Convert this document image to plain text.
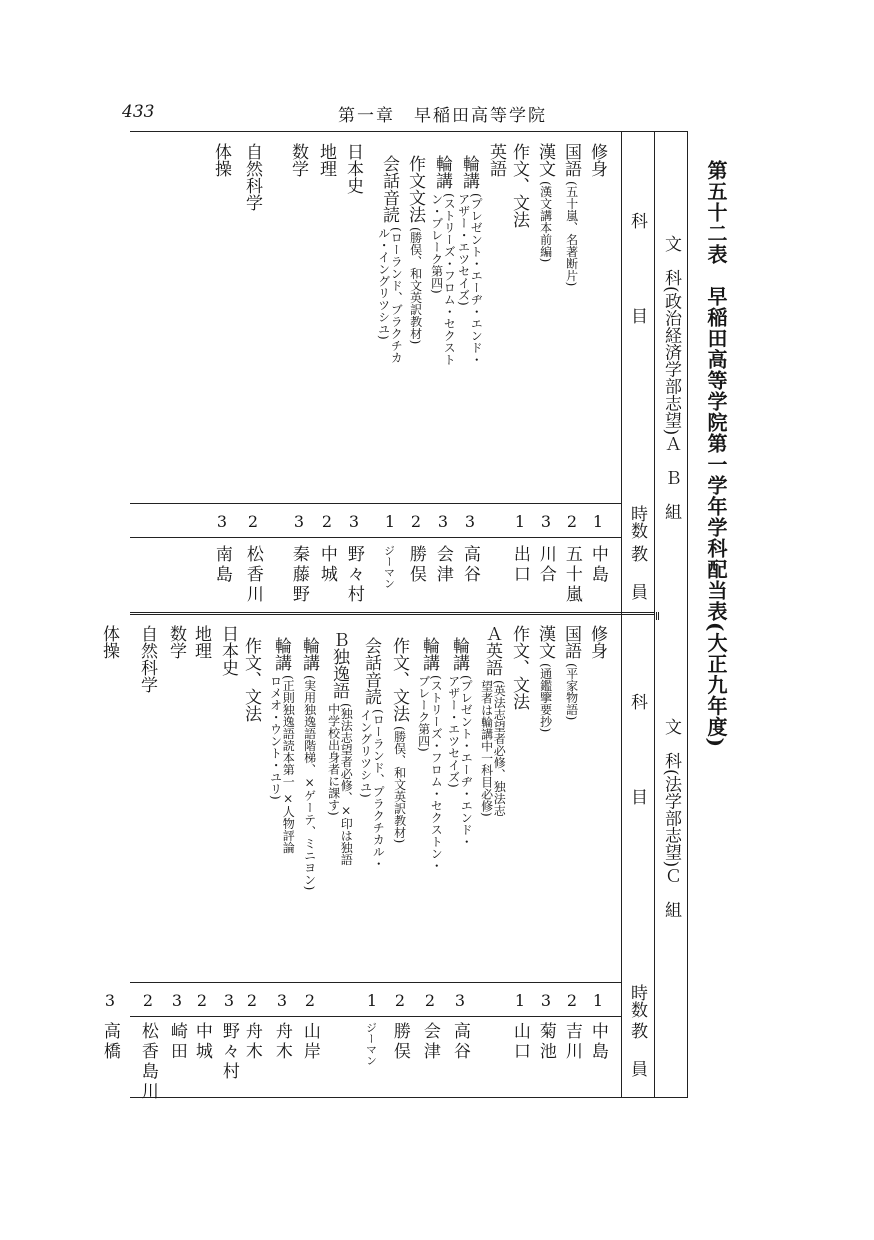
433	第一章　早稲田高等学院
第五十二表　早稲田高等学院第一学年学科配当表(大正九年度)
文　科(政治経済学部志望)Ａ　Ｂ　組
科　　　　目
時数
教　員
修身
1
中島
国語
(五十嵐、名著断片)
2
五十嵐
漢文
(漢文講本前編)
3
川合
作文、文法
1
出口
英語
輪講
(プレゼント・エーヂ・エンド・
アザー・エツセイズ)
3
高谷
輪講
(ストリーズ・フロム・セクスト
ン・ブレーク第四)
3
会津
作文文法
(勝俣、和文英訳教材)
2
勝俣
会話音読
(ローランド、ブラクチカ
ル・イングリツシユ)
1
ジーマン
日本史
3
野々村
地理
2
中城
数学
3
秦藤野
自然科学
2
松香川
体操
3
南島
文　科(法学部志望)Ｃ　組
科　　　　目
時数
教　員
修身
1
中島
国語
(平家物語)
2
吉川
漢文
(通鑑擥要抄)
3
菊池
作文、文法
1
山口
Ａ英語
(英法志望者必修、独法志
望者は輪講中一科目必修)
輪講
(プレゼント・エーヂ・エンド・
アザー・エツセイズ)
3
高谷
輪講
(ストリーズ・フロム・セクストン・
ブレーク第四)
2
会津
作文、文法
(勝俣、和文英訳教材)
2
勝俣
会話音読
(ローランド、プラクチカル・
イングリツシユ)
1
ジーマン
Ｂ独逸語
(独法志望者必修、×印は独語
中学校出身者に課す)
輪講
(実用独逸語階梯、×ゲーテ、ミニヨン)
2
山岸
輪講
(正則独逸語読本第一 ×人物評論
ロメオ・ウント・ユリ)
3
舟木
作文、文法
2
舟木
日本史
3
野々村
地理
2
中城
数学
3
崎田
自然科学
2
松香島川
体操
3
高橋
